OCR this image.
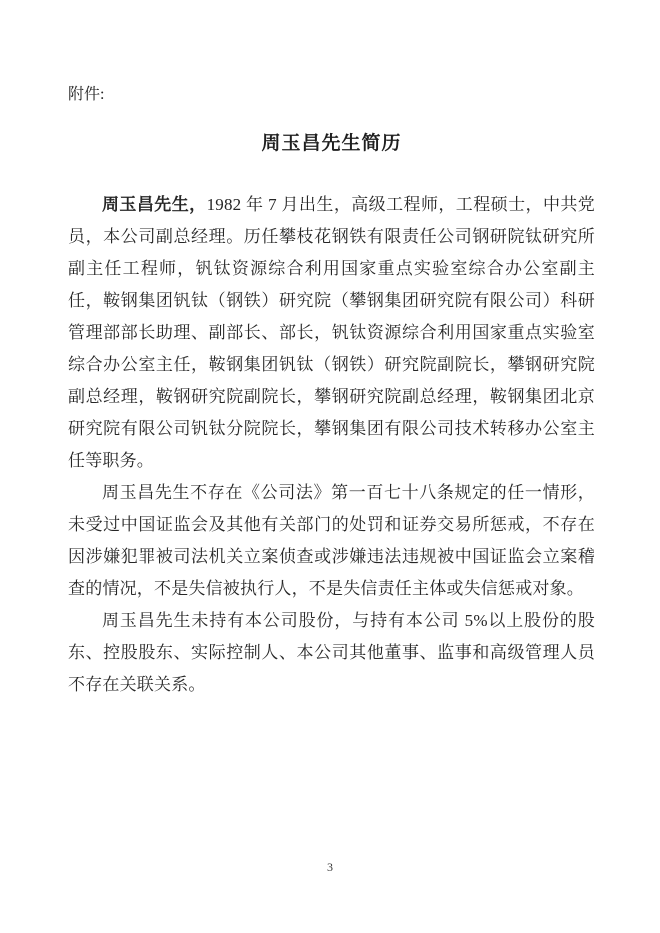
附件:
周玉昌先生简历

周玉昌先生，1982 年 7 月出生，高级工程师，工程硕士，中共党员，本公司副总经理。历任攀枝花钢铁有限责任公司钢研院钛研究所副主任工程师，钒钛资源综合利用国家重点实验室综合办公室副主任，鞍钢集团钒钛（钢铁）研究院（攀钢集团研究院有限公司）科研管理部部长助理、副部长、部长，钒钛资源综合利用国家重点实验室综合办公室主任，鞍钢集团钒钛（钢铁）研究院副院长，攀钢研究院副总经理，鞍钢研究院副院长，攀钢研究院副总经理，鞍钢集团北京研究院有限公司钒钛分院院长，攀钢集团有限公司技术转移办公室主任等职务。

周玉昌先生不存在《公司法》第一百七十八条规定的任一情形，未受过中国证监会及其他有关部门的处罚和证券交易所惩戒，不存在因涉嫌犯罪被司法机关立案侦查或涉嫌违法违规被中国证监会立案稽查的情况，不是失信被执行人，不是失信责任主体或失信惩戒对象。

周玉昌先生未持有本公司股份，与持有本公司 5%以上股份的股东、控股股东、实际控制人、本公司其他董事、监事和高级管理人员不存在关联关系。

3
